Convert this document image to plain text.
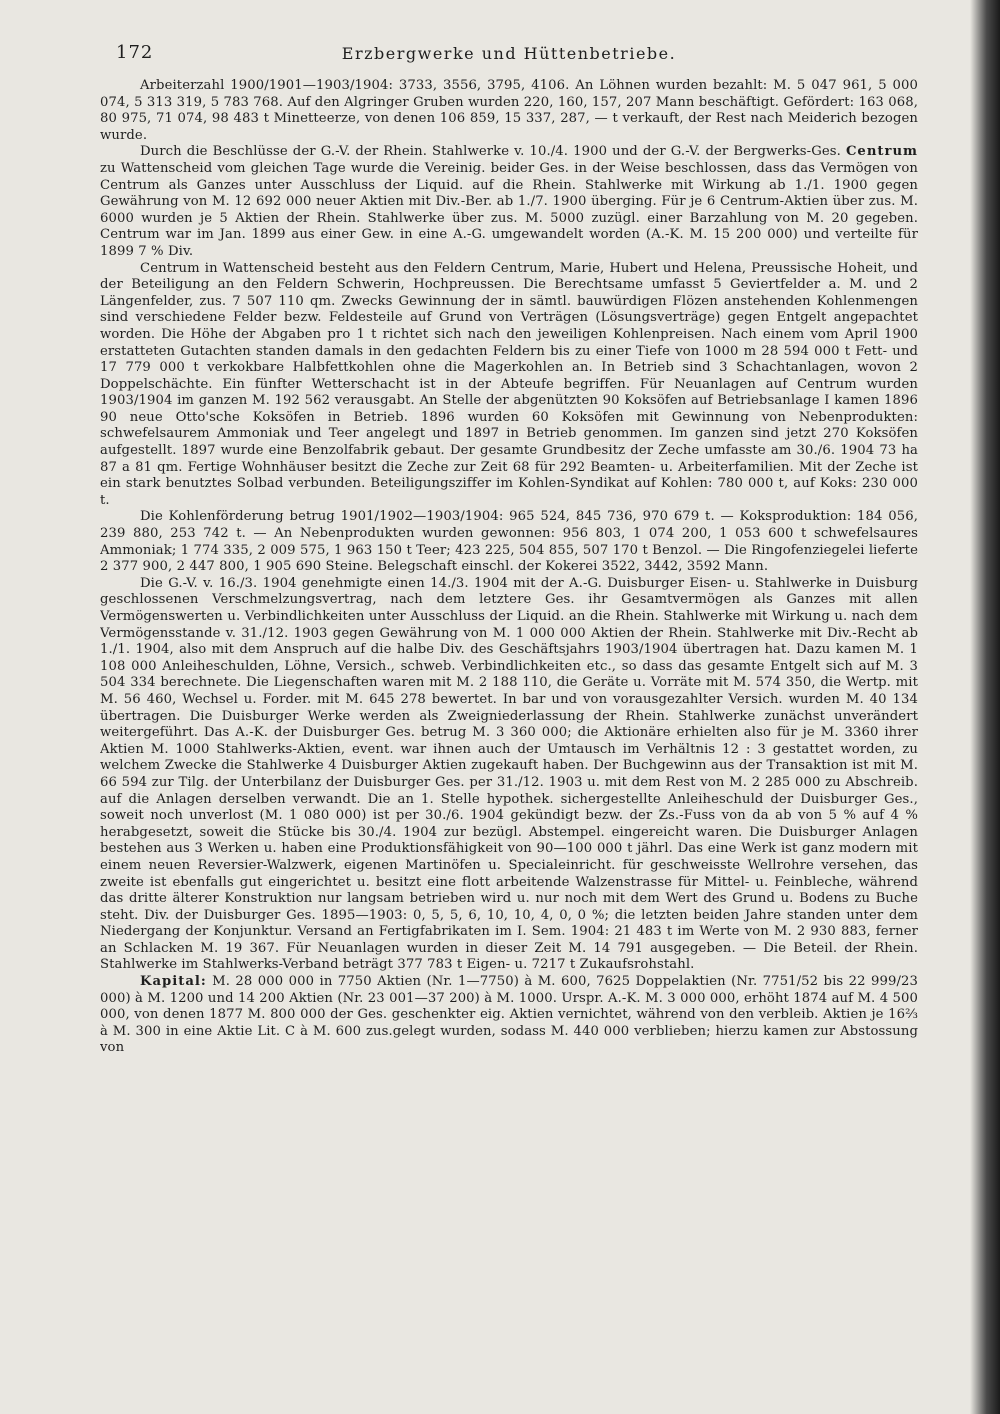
172	Erzbergwerke und Hüttenbetriebe.

Arbeiterzahl 1900/1901—1903/1904: 3733, 3556, 3795, 4106. An Löhnen wurden bezahlt: M. 5 047 961, 5 000 074, 5 313 319, 5 783 768. Auf den Algringer Gruben wurden 220, 160, 157, 207 Mann beschäftigt. Gefördert: 163 068, 80 975, 71 074, 98 483 t Minetteerze, von denen 106 859, 15 337, 287, — t verkauft, der Rest nach Meiderich bezogen wurde.

Durch die Beschlüsse der G.-V. der Rhein. Stahlwerke v. 10./4. 1900 und der G.-V. der Bergwerks-Ges. Centrum zu Wattenscheid vom gleichen Tage wurde die Vereinig. beider Ges. in der Weise beschlossen, dass das Vermögen von Centrum als Ganzes unter Ausschluss der Liquid. auf die Rhein. Stahlwerke mit Wirkung ab 1./1. 1900 gegen Gewährung von M. 12 692 000 neuer Aktien mit Div.-Ber. ab 1./7. 1900 überging. Für je 6 Centrum-Aktien über zus. M. 6000 wurden je 5 Aktien der Rhein. Stahlwerke über zus. M. 5000 zuzügl. einer Barzahlung von M. 20 gegeben. Centrum war im Jan. 1899 aus einer Gew. in eine A.-G. umgewandelt worden (A.-K. M. 15 200 000) und verteilte für 1899 7 % Div.

Centrum in Wattenscheid besteht aus den Feldern Centrum, Marie, Hubert und Helena, Preussische Hoheit, und der Beteiligung an den Feldern Schwerin, Hochpreussen. Die Berechtsame umfasst 5 Geviertfelder a. M. und 2 Längenfelder, zus. 7 507 110 qm. Zwecks Gewinnung der in sämtl. bauwürdigen Flözen anstehenden Kohlenmengen sind verschiedene Felder bezw. Feldesteile auf Grund von Verträgen (Lösungsverträge) gegen Entgelt angepachtet worden. Die Höhe der Abgaben pro 1 t richtet sich nach den jeweiligen Kohlenpreisen. Nach einem vom April 1900 erstatteten Gutachten standen damals in den gedachten Feldern bis zu einer Tiefe von 1000 m 28 594 000 t Fett- und 17 779 000 t verkokbare Halbfettkohlen ohne die Magerkohlen an. In Betrieb sind 3 Schachtanlagen, wovon 2 Doppelschächte. Ein fünfter Wetterschacht ist in der Abteufe begriffen. Für Neuanlagen auf Centrum wurden 1903/1904 im ganzen M. 192 562 verausgabt. An Stelle der abgenützten 90 Koksöfen auf Betriebsanlage I kamen 1896 90 neue Otto'sche Koksöfen in Betrieb. 1896 wurden 60 Koksöfen mit Gewinnung von Nebenprodukten: schwefelsaurem Ammoniak und Teer angelegt und 1897 in Betrieb genommen. Im ganzen sind jetzt 270 Koksöfen aufgestellt. 1897 wurde eine Benzolfabrik gebaut. Der gesamte Grundbesitz der Zeche umfasste am 30./6. 1904 73 ha 87 a 81 qm. Fertige Wohnhäuser besitzt die Zeche zur Zeit 68 für 292 Beamten- u. Arbeiterfamilien. Mit der Zeche ist ein stark benutztes Solbad verbunden. Beteiligungsziffer im Kohlen-Syndikat auf Kohlen: 780 000 t, auf Koks: 230 000 t.

Die Kohlenförderung betrug 1901/1902—1903/1904: 965 524, 845 736, 970 679 t. — Koksproduktion: 184 056, 239 880, 253 742 t. — An Nebenprodukten wurden gewonnen: 956 803, 1 074 200, 1 053 600 t schwefelsaures Ammoniak; 1 774 335, 2 009 575, 1 963 150 t Teer; 423 225, 504 855, 507 170 t Benzol. — Die Ringofenziegelei lieferte 2 377 900, 2 447 800, 1 905 690 Steine. Belegschaft einschl. der Kokerei 3522, 3442, 3592 Mann.

Die G.-V. v. 16./3. 1904 genehmigte einen 14./3. 1904 mit der A.-G. Duisburger Eisen- u. Stahlwerke in Duisburg geschlossenen Verschmelzungsvertrag, nach dem letztere Ges. ihr Gesamtvermögen als Ganzes mit allen Vermögenswerten u. Verbindlichkeiten unter Ausschluss der Liquid. an die Rhein. Stahlwerke mit Wirkung u. nach dem Vermögensstande v. 31./12. 1903 gegen Gewährung von M. 1 000 000 Aktien der Rhein. Stahlwerke mit Div.-Recht ab 1./1. 1904, also mit dem Anspruch auf die halbe Div. des Geschäftsjahrs 1903/1904 übertragen hat. Dazu kamen M. 1 108 000 Anleiheschulden, Löhne, Versich., schweb. Verbindlichkeiten etc., so dass das gesamte Entgelt sich auf M. 3 504 334 berechnete. Die Liegenschaften waren mit M. 2 188 110, die Geräte u. Vorräte mit M. 574 350, die Wertp. mit M. 56 460, Wechsel u. Forder. mit M. 645 278 bewertet. In bar und von vorausgezahlter Versich. wurden M. 40 134 übertragen. Die Duisburger Werke werden als Zweigniederlassung der Rhein. Stahlwerke zunächst unverändert weitergeführt. Das A.-K. der Duisburger Ges. betrug M. 3 360 000; die Aktionäre erhielten also für je M. 3360 ihrer Aktien M. 1000 Stahlwerks-Aktien, event. war ihnen auch der Umtausch im Verhältnis 12 : 3 gestattet worden, zu welchem Zwecke die Stahlwerke 4 Duisburger Aktien zugekauft haben. Der Buchgewinn aus der Transaktion ist mit M. 66 594 zur Tilg. der Unterbilanz der Duisburger Ges. per 31./12. 1903 u. mit dem Rest von M. 2 285 000 zu Abschreib. auf die Anlagen derselben verwandt. Die an 1. Stelle hypothek. sichergestellte Anleiheschuld der Duisburger Ges., soweit noch unverlost (M. 1 080 000) ist per 30./6. 1904 gekündigt bezw. der Zs.-Fuss von da ab von 5 % auf 4 % herabgesetzt, soweit die Stücke bis 30./4. 1904 zur bezügl. Abstempel. eingereicht waren. Die Duisburger Anlagen bestehen aus 3 Werken u. haben eine Produktionsfähigkeit von 90—100 000 t jährl. Das eine Werk ist ganz modern mit einem neuen Reversier-Walzwerk, eigenen Martinöfen u. Specialeinricht. für geschweisste Wellrohre versehen, das zweite ist ebenfalls gut eingerichtet u. besitzt eine flott arbeitende Walzenstrasse für Mittel- u. Feinbleche, während das dritte älterer Konstruktion nur langsam betrieben wird u. nur noch mit dem Wert des Grund u. Bodens zu Buche steht. Div. der Duisburger Ges. 1895—1903: 0, 5, 5, 6, 10, 10, 4, 0, 0 %; die letzten beiden Jahre standen unter dem Niedergang der Konjunktur. Versand an Fertigfabrikaten im I. Sem. 1904: 21 483 t im Werte von M. 2 930 883, ferner an Schlacken M. 19 367. Für Neuanlagen wurden in dieser Zeit M. 14 791 ausgegeben. — Die Beteil. der Rhein. Stahlwerke im Stahlwerks-Verband beträgt 377 783 t Eigen- u. 7217 t Zukaufsrohstahl.

Kapital: M. 28 000 000 in 7750 Aktien (Nr. 1—7750) à M. 600, 7625 Doppelaktien (Nr. 7751/52 bis 22 999/23 000) à M. 1200 und 14 200 Aktien (Nr. 23 001—37 200) à M. 1000. Urspr. A.-K. M. 3 000 000, erhöht 1874 auf M. 4 500 000, von denen 1877 M. 800 000 der Ges. geschenkter eig. Aktien vernichtet, während von den verbleib. Aktien je 16⅔ à M. 300 in eine Aktie Lit. C à M. 600 zus.gelegt wurden, sodass M. 440 000 verblieben; hierzu kamen zur Abstossung von
